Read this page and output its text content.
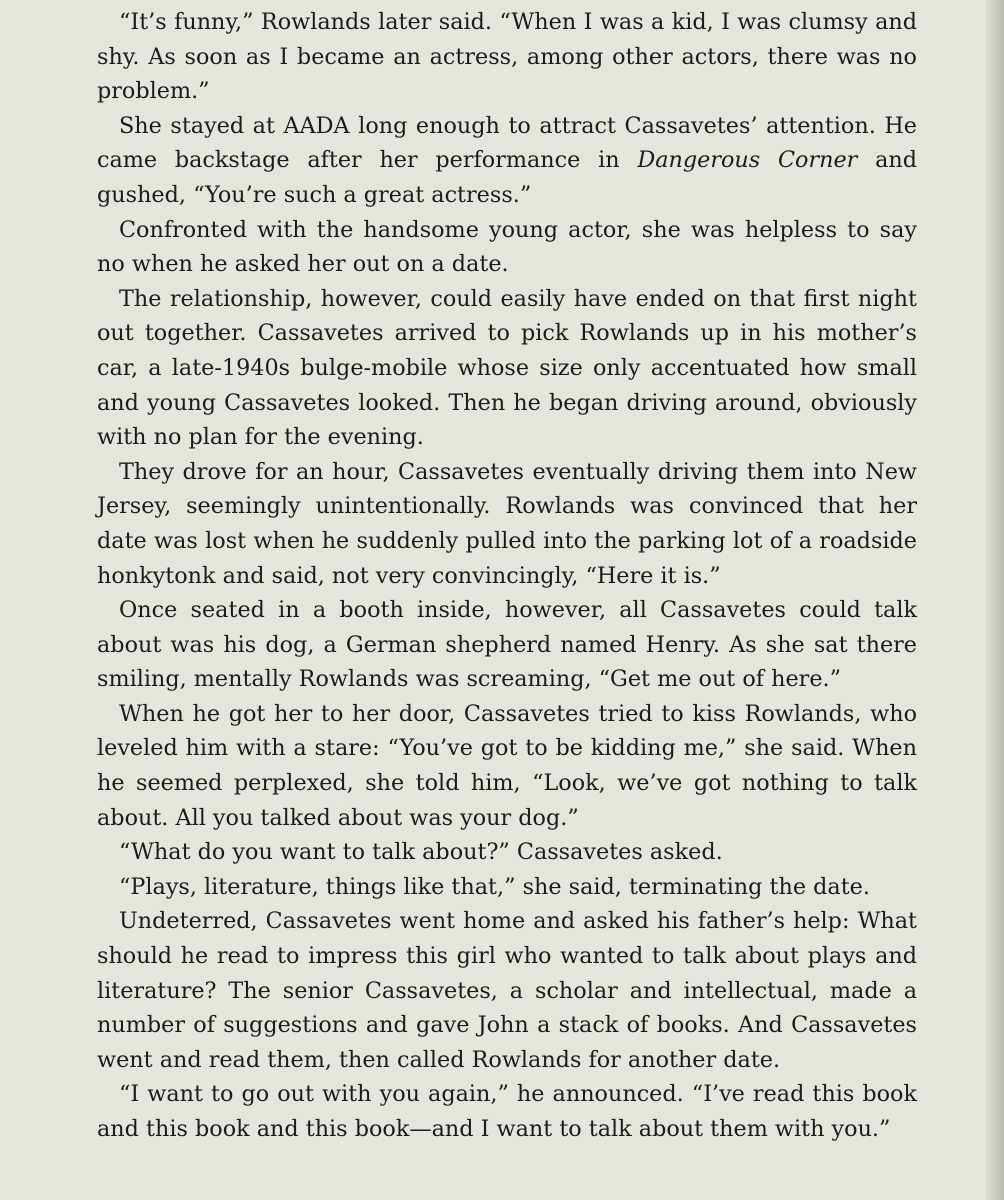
“It’s funny,” Rowlands later said. “When I was a kid, I was clumsy and shy. As soon as I became an actress, among other actors, there was no problem.”

She stayed at AADA long enough to attract Cassavetes’ attention. He came backstage after her performance in Dangerous Corner and gushed, “You’re such a great actress.”

Confronted with the handsome young actor, she was helpless to say no when he asked her out on a date.

The relationship, however, could easily have ended on that first night out together. Cassavetes arrived to pick Rowlands up in his mother’s car, a late-1940s bulge-mobile whose size only accentuated how small and young Cassavetes looked. Then he began driving around, obviously with no plan for the evening.

They drove for an hour, Cassavetes eventually driving them into New Jersey, seemingly unintentionally. Rowlands was convinced that her date was lost when he suddenly pulled into the parking lot of a roadside honkytonk and said, not very convincingly, “Here it is.”

Once seated in a booth inside, however, all Cassavetes could talk about was his dog, a German shepherd named Henry. As she sat there smiling, mentally Rowlands was screaming, “Get me out of here.”

When he got her to her door, Cassavetes tried to kiss Rowlands, who leveled him with a stare: “You’ve got to be kidding me,” she said. When he seemed perplexed, she told him, “Look, we’ve got nothing to talk about. All you talked about was your dog.”

“What do you want to talk about?” Cassavetes asked.

“Plays, literature, things like that,” she said, terminating the date.

Undeterred, Cassavetes went home and asked his father’s help: What should he read to impress this girl who wanted to talk about plays and literature? The senior Cassavetes, a scholar and intellectual, made a number of suggestions and gave John a stack of books. And Cassavetes went and read them, then called Rowlands for another date.

“I want to go out with you again,” he announced. “I’ve read this book and this book and this book—and I want to talk about them with you.”
